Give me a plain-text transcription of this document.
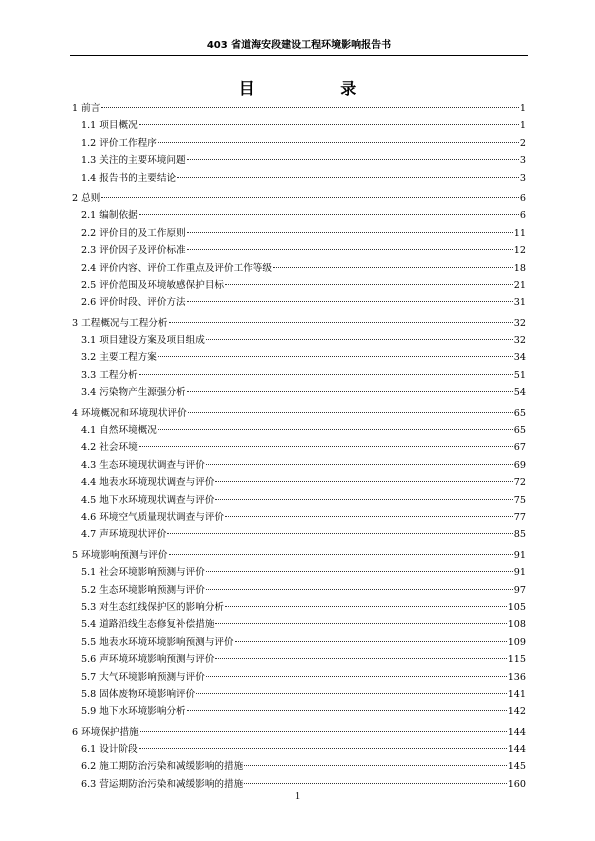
403 省道海安段建设工程环境影响报告书
目 录
1 前言	1
1.1 项目概况	1
1.2 评价工作程序	2
1.3 关注的主要环境问题	3
1.4 报告书的主要结论	3
2 总则	6
2.1 编制依据	6
2.2 评价目的及工作原则	11
2.3 评价因子及评价标准	12
2.4 评价内容、评价工作重点及评价工作等级	18
2.5 评价范围及环境敏感保护目标	21
2.6 评价时段、评价方法	31
3 工程概况与工程分析	32
3.1 项目建设方案及项目组成	32
3.2 主要工程方案	34
3.3 工程分析	51
3.4 污染物产生源强分析	54
4 环境概况和环境现状评价	65
4.1 自然环境概况	65
4.2 社会环境	67
4.3 生态环境现状调查与评价	69
4.4 地表水环境现状调查与评价	72
4.5 地下水环境现状调查与评价	75
4.6 环境空气质量现状调查与评价	77
4.7 声环境现状评价	85
5 环境影响预测与评价	91
5.1 社会环境影响预测与评价	91
5.2 生态环境影响预测与评价	97
5.3 对生态红线保护区的影响分析	105
5.4 道路沿线生态修复补偿措施	108
5.5 地表水环境环境影响预测与评价	109
5.6 声环境环境影响预测与评价	115
5.7 大气环境影响预测与评价	136
5.8 固体废物环境影响评价	141
5.9 地下水环境影响分析	142
6 环境保护措施	144
6.1 设计阶段	144
6.2 施工期防治污染和减缓影响的措施	145
6.3 营运期防治污染和减缓影响的措施	160
1
